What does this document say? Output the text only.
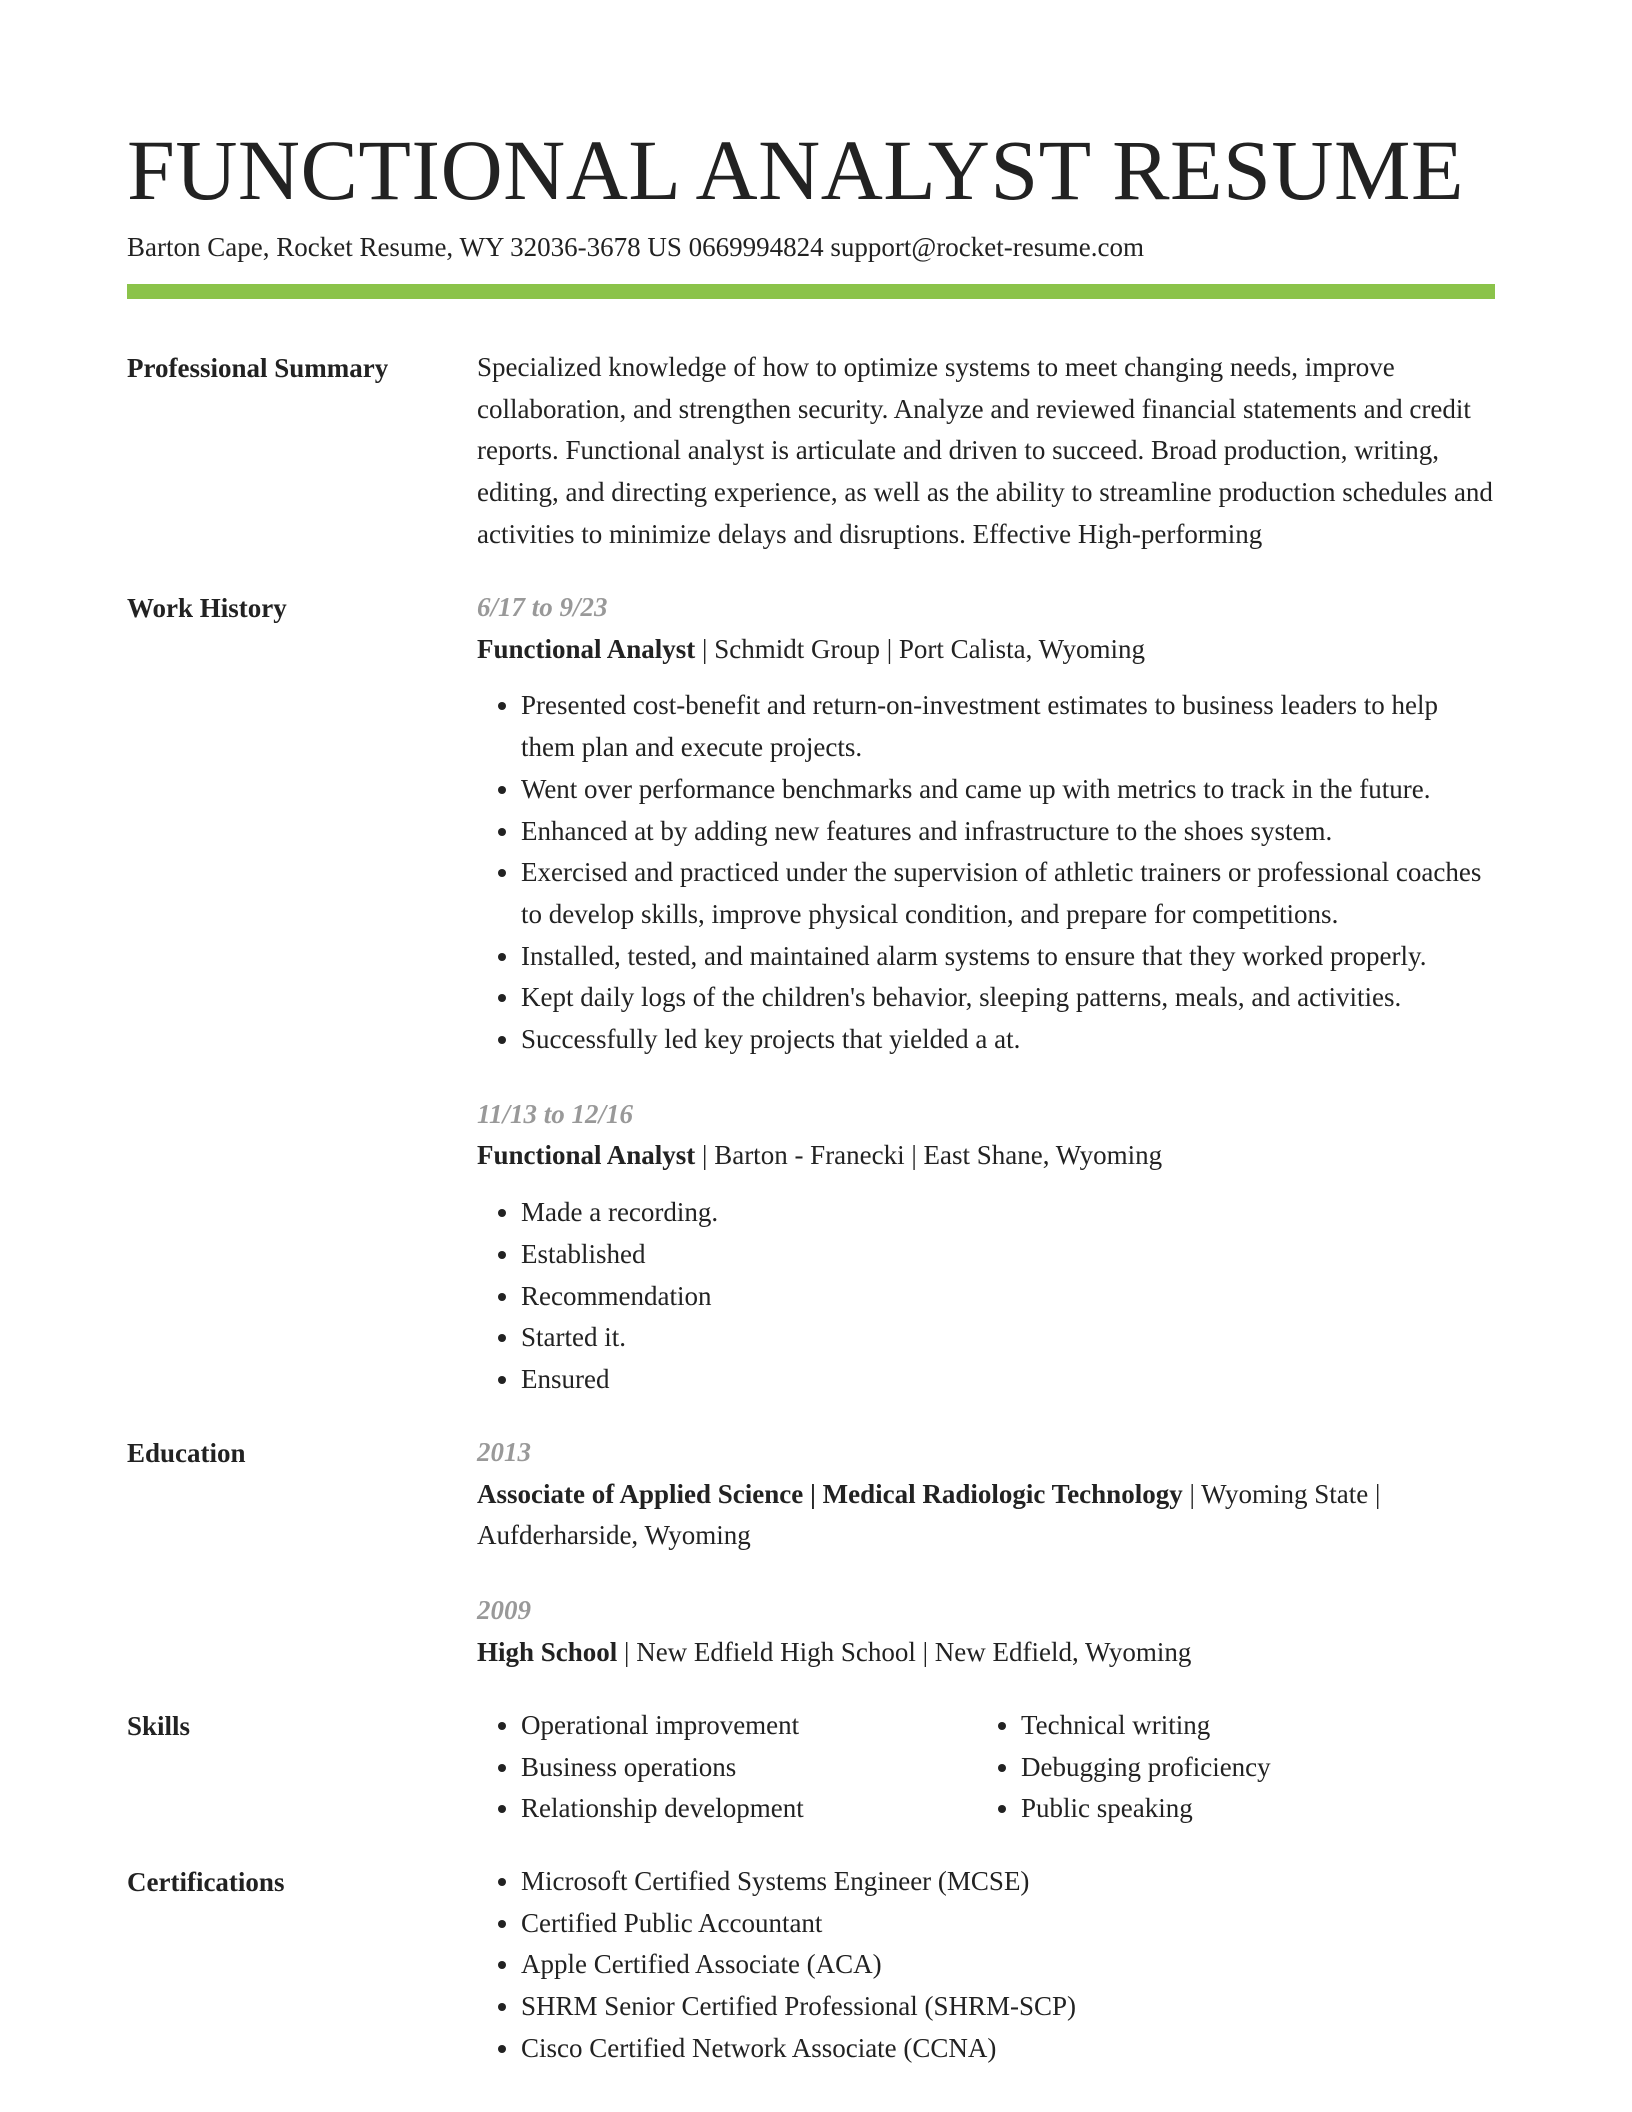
FUNCTIONAL ANALYST RESUME
Barton Cape, Rocket Resume, WY 32036-3678 US 0669994824 support@rocket-resume.com
Professional Summary	Specialized knowledge of how to optimize systems to meet changing needs, improve collaboration, and strengthen security. Analyze and reviewed financial statements and credit reports. Functional analyst is articulate and driven to succeed. Broad production, writing, editing, and directing experience, as well as the ability to streamline production schedules and activities to minimize delays and disruptions. Effective High-performing

Work History	6/17 to 9/23
Functional Analyst | Schmidt Group | Port Calista, Wyoming
• Presented cost-benefit and return-on-investment estimates to business leaders to help them plan and execute projects.
• Went over performance benchmarks and came up with metrics to track in the future.
• Enhanced at by adding new features and infrastructure to the shoes system.
• Exercised and practiced under the supervision of athletic trainers or professional coaches to develop skills, improve physical condition, and prepare for competitions.
• Installed, tested, and maintained alarm systems to ensure that they worked properly.
• Kept daily logs of the children's behavior, sleeping patterns, meals, and activities.
• Successfully led key projects that yielded a at.
11/13 to 12/16
Functional Analyst | Barton - Franecki | East Shane, Wyoming
• Made a recording.
• Established
• Recommendation
• Started it.
• Ensured
Education	2013
Associate of Applied Science | Medical Radiologic Technology | Wyoming State | Aufderharside, Wyoming
2009
High School | New Edfield High School | New Edfield, Wyoming
Skills	• Operational improvement
• Business operations
• Relationship development
• Technical writing
• Debugging proficiency
• Public speaking
Certifications	• Microsoft Certified Systems Engineer (MCSE)
• Certified Public Accountant
• Apple Certified Associate (ACA)
• SHRM Senior Certified Professional (SHRM-SCP)
• Cisco Certified Network Associate (CCNA)
